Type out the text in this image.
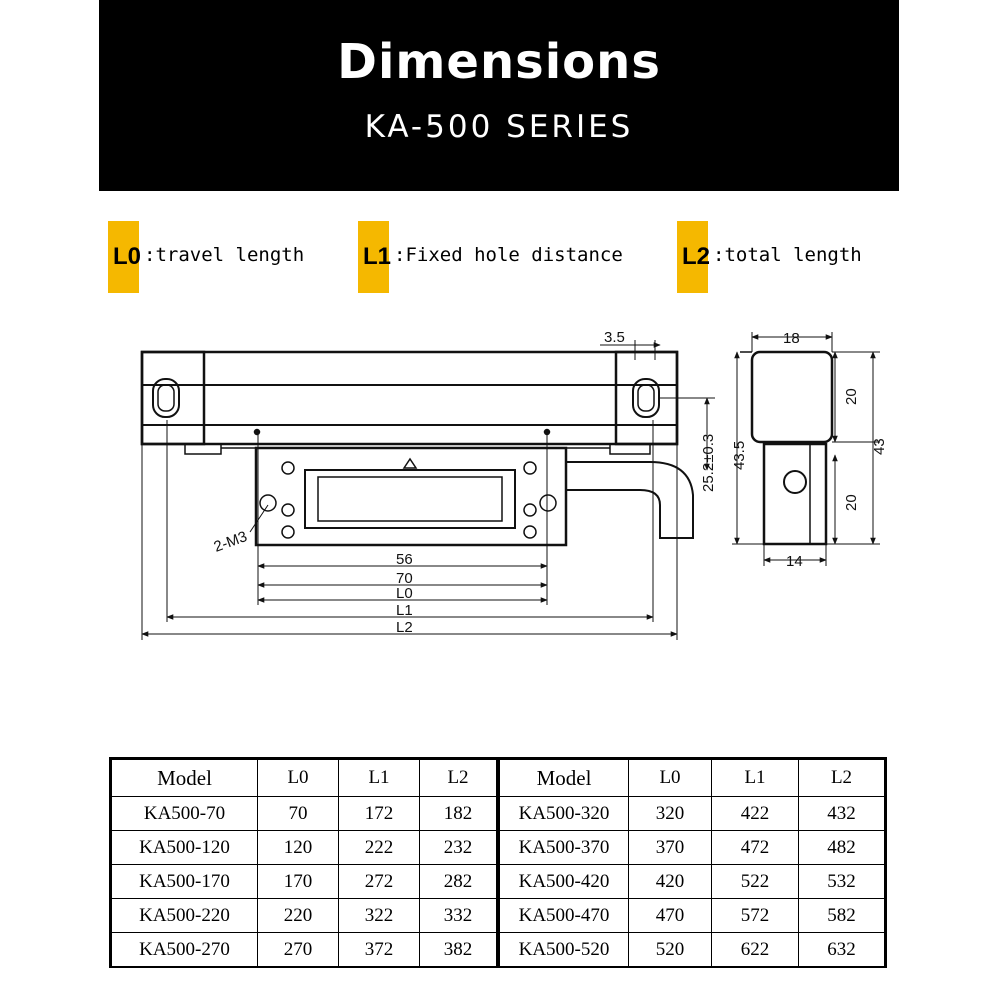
Dimensions
KA-500 SERIES
L0 :travel length L1 :Fixed hole distance L2 :total length
3.5	18
20
43
43.5
20
14
25.2±0.3
2-M3
56
70
L0
L1
L2
Model	L0	L1	L2
KA500-70	70	172	182
KA500-120	120	222	232
KA500-170	170	272	282
KA500-220	220	322	332
KA500-270	270	372	382
Model	L0	L1	L2
KA500-320	320	422	432
KA500-370	370	472	482
KA500-420	420	522	532
KA500-470	470	572	582
KA500-520	520	622	632
